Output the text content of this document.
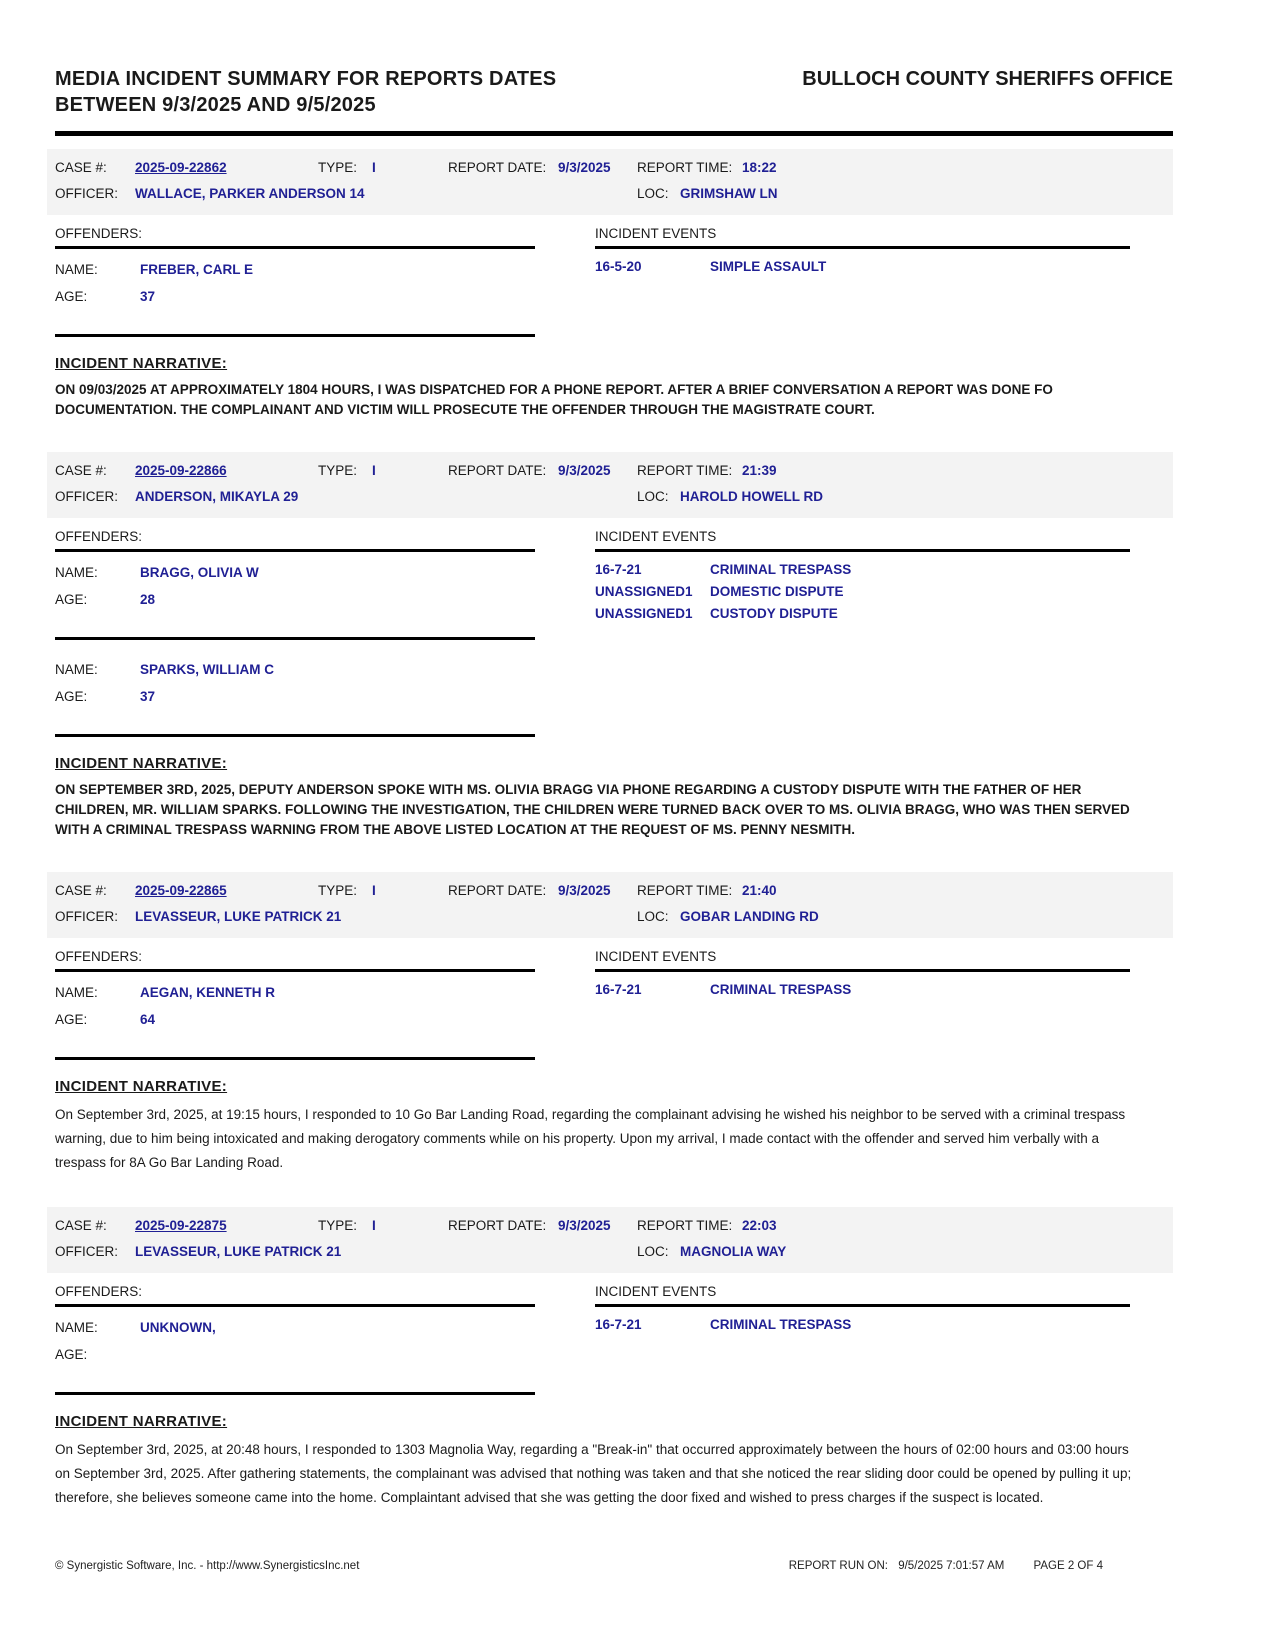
MEDIA INCIDENT SUMMARY FOR REPORTS DATES
BETWEEN 9/3/2025 AND 9/5/2025
BULLOCH COUNTY SHERIFFS OFFICE
CASE #:	2025-09-22862	TYPE:	I	REPORT DATE: 9/3/2025	REPORT TIME: 18:22
OFFICER:	WALLACE, PARKER ANDERSON 14	LOC: GRIMSHAW LN
OFFENDERS:
NAME:	FREBER, CARL E
AGE:	37
INCIDENT EVENTS
16-5-20	SIMPLE ASSAULT
INCIDENT NARRATIVE:

ON 09/03/2025 AT APPROXIMATELY 1804 HOURS, I WAS DISPATCHED FOR A PHONE REPORT. AFTER A BRIEF CONVERSATION A REPORT WAS DONE FO DOCUMENTATION. THE COMPLAINANT AND VICTIM WILL PROSECUTE THE OFFENDER THROUGH THE MAGISTRATE COURT.

CASE #:	2025-09-22866	TYPE:	I	REPORT DATE: 9/3/2025	REPORT TIME: 21:39
OFFICER:	ANDERSON, MIKAYLA 29	LOC: HAROLD HOWELL RD
OFFENDERS:
NAME:	BRAGG, OLIVIA W
AGE:	28
NAME:	SPARKS, WILLIAM C
AGE:	37
INCIDENT EVENTS
16-7-21	CRIMINAL TRESPASS
UNASSIGNED1	DOMESTIC DISPUTE
UNASSIGNED1	CUSTODY DISPUTE
INCIDENT NARRATIVE:

ON SEPTEMBER 3RD, 2025, DEPUTY ANDERSON SPOKE WITH MS. OLIVIA BRAGG VIA PHONE REGARDING A CUSTODY DISPUTE WITH THE FATHER OF HER CHILDREN, MR. WILLIAM SPARKS. FOLLOWING THE INVESTIGATION, THE CHILDREN WERE TURNED BACK OVER TO MS. OLIVIA BRAGG, WHO WAS THEN SERVED WITH A CRIMINAL TRESPASS WARNING FROM THE ABOVE LISTED LOCATION AT THE REQUEST OF MS. PENNY NESMITH.

CASE #:	2025-09-22865	TYPE:	I	REPORT DATE: 9/3/2025	REPORT TIME: 21:40
OFFICER:	LEVASSEUR, LUKE PATRICK 21	LOC: GOBAR LANDING RD
OFFENDERS:
NAME:	AEGAN, KENNETH R
AGE:	64
INCIDENT EVENTS
16-7-21	CRIMINAL TRESPASS
INCIDENT NARRATIVE:

On September 3rd, 2025, at 19:15 hours, I responded to 10 Go Bar Landing Road, regarding the complainant advising he wished his neighbor to be served with a criminal trespass warning, due to him being intoxicated and making derogatory comments while on his property. Upon my arrival, I made contact with the offender and served him verbally with a trespass for 8A Go Bar Landing Road.

CASE #:	2025-09-22875	TYPE:	I	REPORT DATE: 9/3/2025	REPORT TIME: 22:03
OFFICER:	LEVASSEUR, LUKE PATRICK 21	LOC: MAGNOLIA WAY
OFFENDERS:
NAME:	UNKNOWN,
AGE:
INCIDENT EVENTS
16-7-21	CRIMINAL TRESPASS
INCIDENT NARRATIVE:

On September 3rd, 2025, at 20:48 hours, I responded to 1303 Magnolia Way, regarding a "Break-in" that occurred approximately between the hours of 02:00 hours and 03:00 hours on September 3rd, 2025. After gathering statements, the complainant was advised that nothing was taken and that she noticed the rear sliding door could be opened by pulling it up; therefore, she believes someone came into the home. Complaintant advised that she was getting the door fixed and wished to press charges if the suspect is located.

© Synergistic Software, Inc. - http://www.SynergisticsInc.net	REPORT RUN ON: 9/5/2025 7:01:57 AM	PAGE 2 OF 4
